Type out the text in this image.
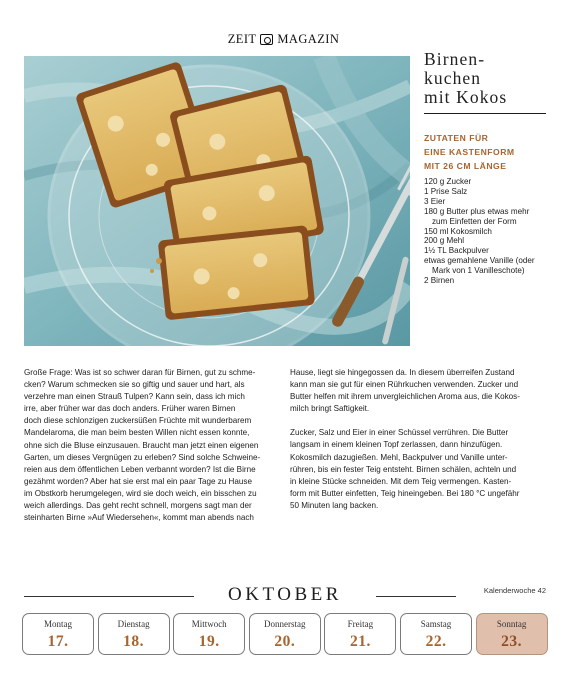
ZEIT MAGAZIN
Birnen-
kuchen
mit Kokos
ZUTATEN FÜR
EINE KASTENFORM
MIT 26 CM LÄNGE
120 g Zucker
1 Prise Salz
3 Eier
180 g Butter plus etwas mehr
zum Einfetten der Form
150 ml Kokosmilch
200 g Mehl
1½ TL Backpulver
etwas gemahlene Vanille (oder
Mark von 1 Vanilleschote)
2 Birnen

Große Frage: Was ist so schwer daran für Birnen, gut zu schme-

cken? Warum schmecken sie so giftig und sauer und hart, als

verzehre man einen Strauß Tulpen? Kann sein, dass ich mich

irre, aber früher war das doch anders. Früher waren Birnen

doch diese schlonzigen zuckersüßen Früchte mit wunderbarem

Mandelaroma, die man beim besten Willen nicht essen konnte,

ohne sich die Bluse einzusauen. Braucht man jetzt einen eigenen

Garten, um dieses Vergnügen zu erleben? Sind solche Schweine-

reien aus dem öffentlichen Leben verbannt worden? Ist die Birne

gezähmt worden? Aber hat sie erst mal ein paar Tage zu Hause

im Obstkorb herumgelegen, wird sie doch weich, ein bisschen zu

weich allerdings. Das geht recht schnell, morgens sagt man der

steinharten Birne »Auf Wiedersehen«, kommt man abends nach

Hause, liegt sie hingegossen da. In diesem überreifen Zustand

kann man sie gut für einen Rührkuchen verwenden. Zucker und

Butter helfen mit ihrem unvergleichlichen Aroma aus, die Kokos-

milch bringt Saftigkeit.

Zucker, Salz und Eier in einer Schüssel verrühren. Die Butter

langsam in einem kleinen Topf zerlassen, dann hinzufügen.

Kokosmilch dazugießen. Mehl, Backpulver und Vanille unter-

rühren, bis ein fester Teig entsteht. Birnen schälen, achteln und

in kleine Stücke schneiden. Mit dem Teig vermengen. Kasten-

form mit Butter einfetten, Teig hineingeben. Bei 180 °C ungefähr

50 Minuten lang backen.

OKTOBER	Kalenderwoche 42
Montag
17.
Dienstag
18.
Mittwoch
19.
Donnerstag
20.
Freitag
21.
Samstag
22.
Sonntag
23.
